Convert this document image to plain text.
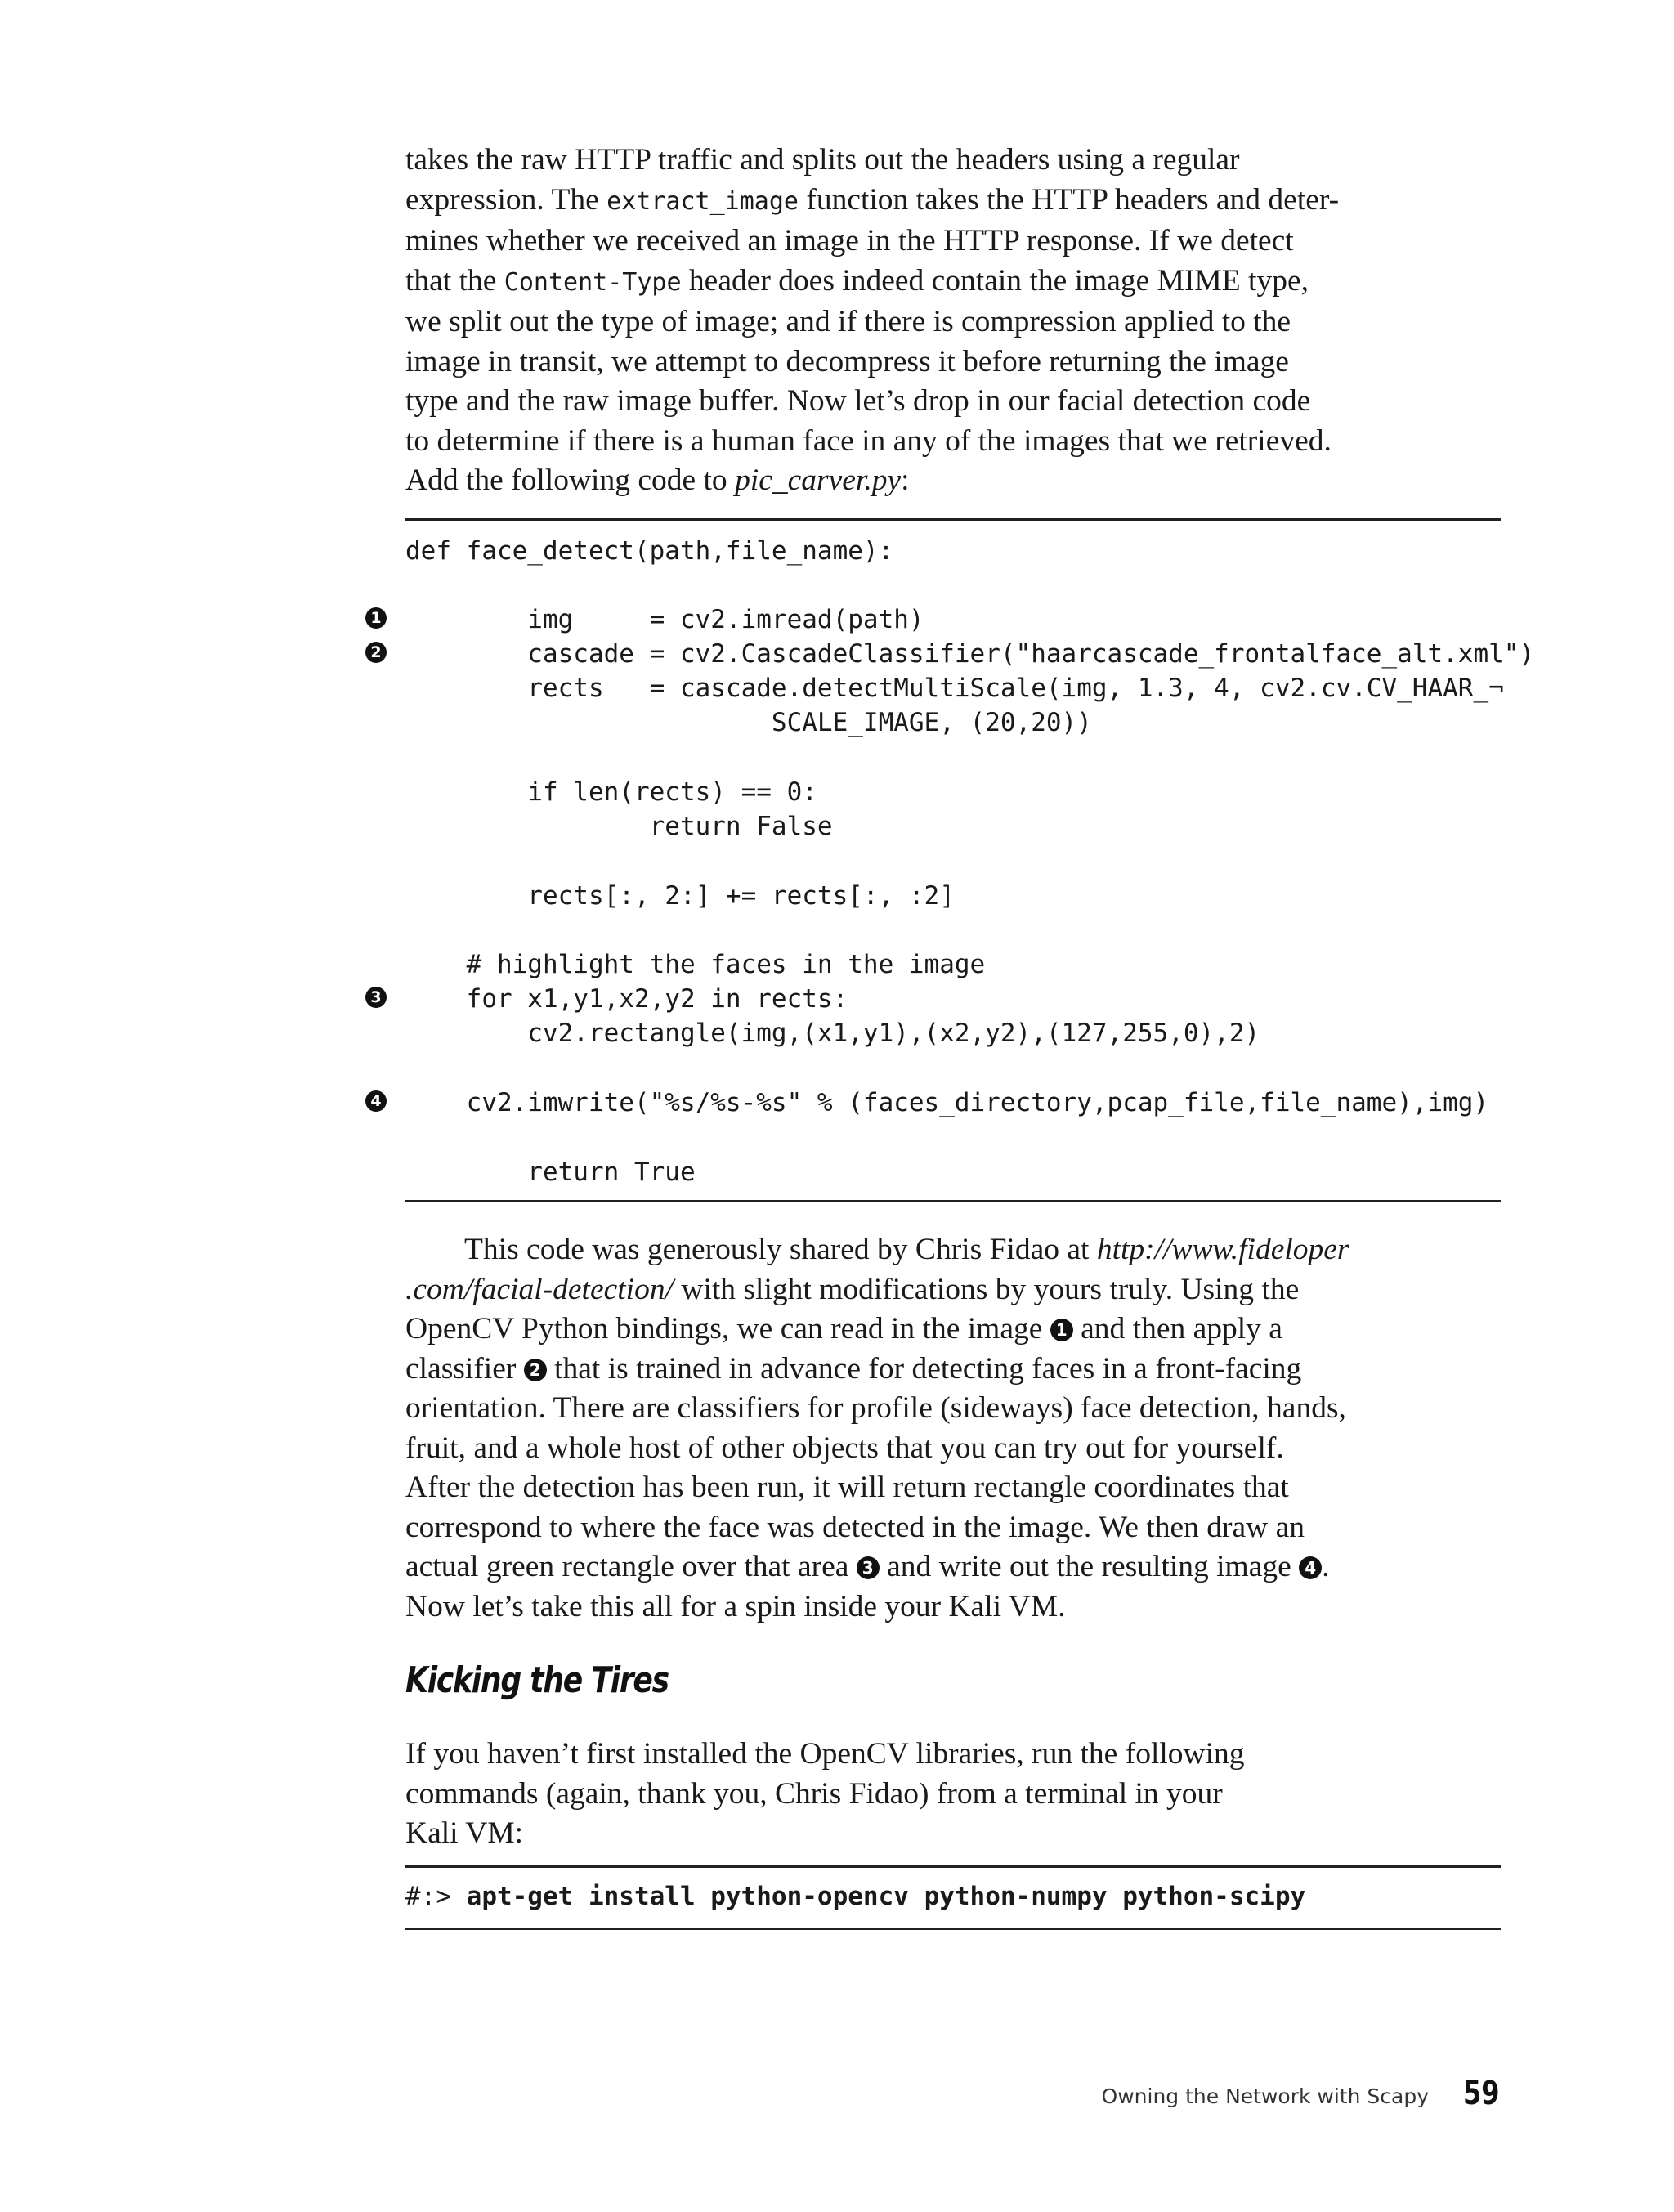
takes the raw HTTP traffic and splits out the headers using a regular
expression. The extract_image function takes the HTTP headers and deter-
mines whether we received an image in the HTTP response. If we detect
that the Content-Type header does indeed contain the image MIME type,
we split out the type of image; and if there is compression applied to the
image in transit, we attempt to decompress it before returning the image
type and the raw image buffer. Now let’s drop in our facial detection code
to determine if there is a human face in any of the images that we retrieved.
Add the following code to pic_carver.py:

def face_detect(path,file_name):
img     = cv2.imread(path)
cascade = cv2.CascadeClassifier("haarcascade_frontalface_alt.xml")
rects   = cascade.detectMultiScale(img, 1.3, 4, cv2.cv.CV_HAAR_¬
SCALE_IMAGE, (20,20))
if len(rects) == 0:
return False
rects[:, 2:] += rects[:, :2]
# highlight the faces in the image
for x1,y1,x2,y2 in rects:
cv2.rectangle(img,(x1,y1),(x2,y2),(127,255,0),2)
cv2.imwrite("%s/%s-%s" % (faces_directory,pcap_file,file_name),img)
return True
1
2
3
4

This code was generously shared by Chris Fidao at http://www.fideloper
.com/facial-detection/ with slight modifications by yours truly. Using the
OpenCV Python bindings, we can read in the image 1 and then apply a
classifier 2 that is trained in advance for detecting faces in a front-facing
orientation. There are classifiers for profile (sideways) face detection, hands,
fruit, and a whole host of other objects that you can try out for yourself.
After the detection has been run, it will return rectangle coordinates that
correspond to where the face was detected in the image. We then draw an
actual green rectangle over that area 3 and write out the resulting image 4 .
Now let’s take this all for a spin inside your Kali VM.

Kicking the Tires

If you haven’t first installed the OpenCV libraries, run the following
commands (again, thank you, Chris Fidao) from a terminal in your
Kali VM:

#:> apt-get install python-opencv python-numpy python-scipy
Owning the Network with Scapy 59
